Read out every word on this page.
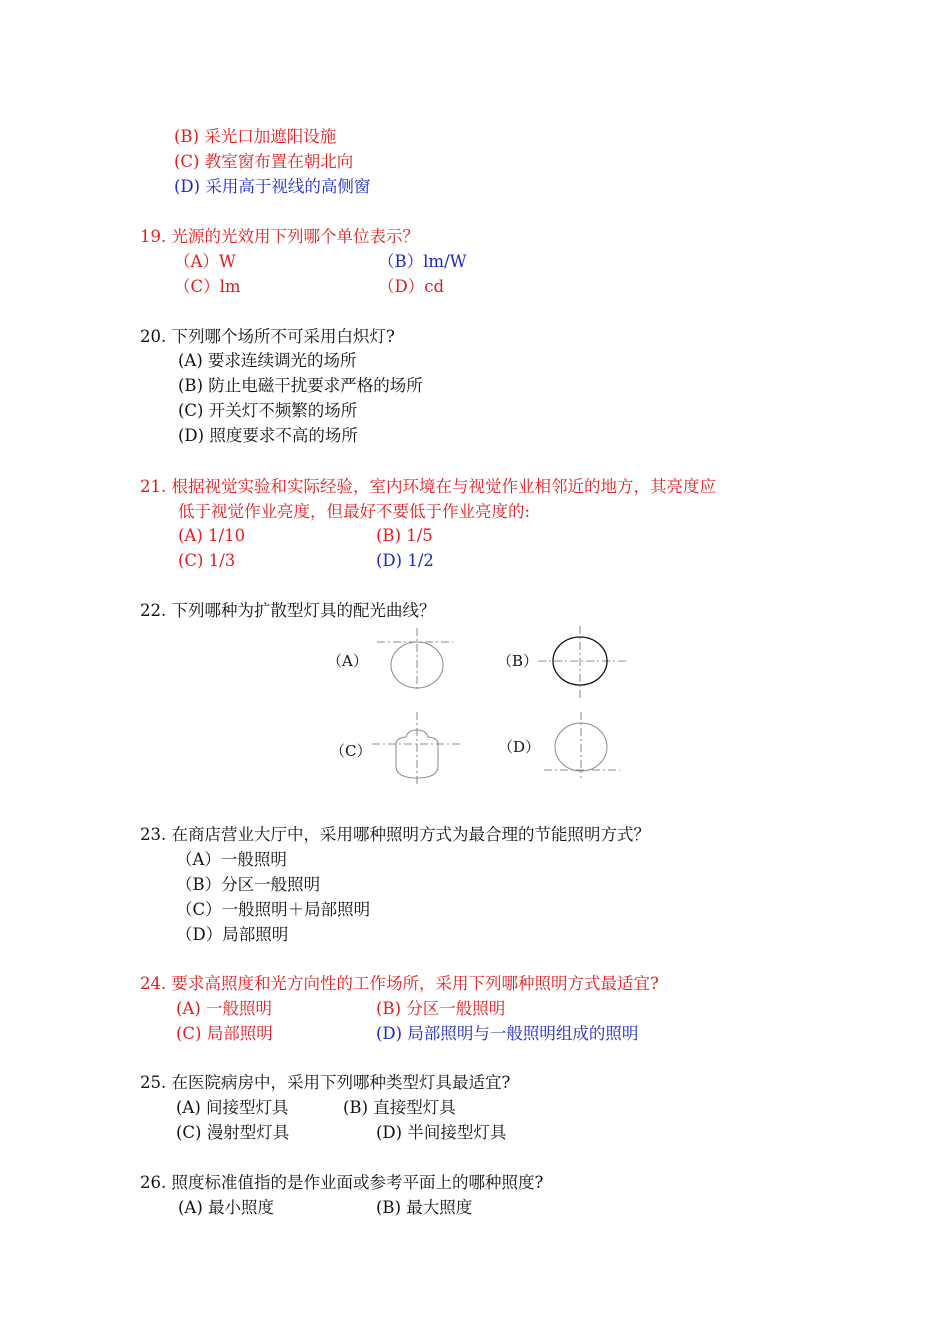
(B) 采光口加遮阳设施
(C) 教室窗布置在朝北向
(D) 采用高于视线的高侧窗
19. 光源的光效用下列哪个单位表示？
（A）W	（B）lm/W
（C）lm	（D）cd
20. 下列哪个场所不可采用白炽灯?
(A) 要求连续调光的场所
(B) 防止电磁干扰要求严格的场所
(C) 开关灯不频繁的场所
(D) 照度要求不高的场所
21. 根据视觉实验和实际经验，室内环境在与视觉作业相邻近的地方，其亮度应
低于视觉作业亮度，但最好不要低于作业亮度的:
(A) 1/10	(B) 1/5
(C) 1/3	(D) 1/2
22. 下列哪种为扩散型灯具的配光曲线？
（A）	（B）
（C）	（D）
23. 在商店营业大厅中，采用哪种照明方式为最合理的节能照明方式？
（A）一般照明
（B）分区一般照明
（C）一般照明＋局部照明
（D）局部照明
24. 要求高照度和光方向性的工作场所，采用下列哪种照明方式最适宜?
(A) 一般照明	(B) 分区一般照明
(C) 局部照明	(D) 局部照明与一般照明组成的照明
25. 在医院病房中，采用下列哪种类型灯具最适宜?
(A) 间接型灯具	(B) 直接型灯具
(C) 漫射型灯具	(D) 半间接型灯具
26. 照度标准值指的是作业面或参考平面上的哪种照度?
(A) 最小照度	(B) 最大照度
